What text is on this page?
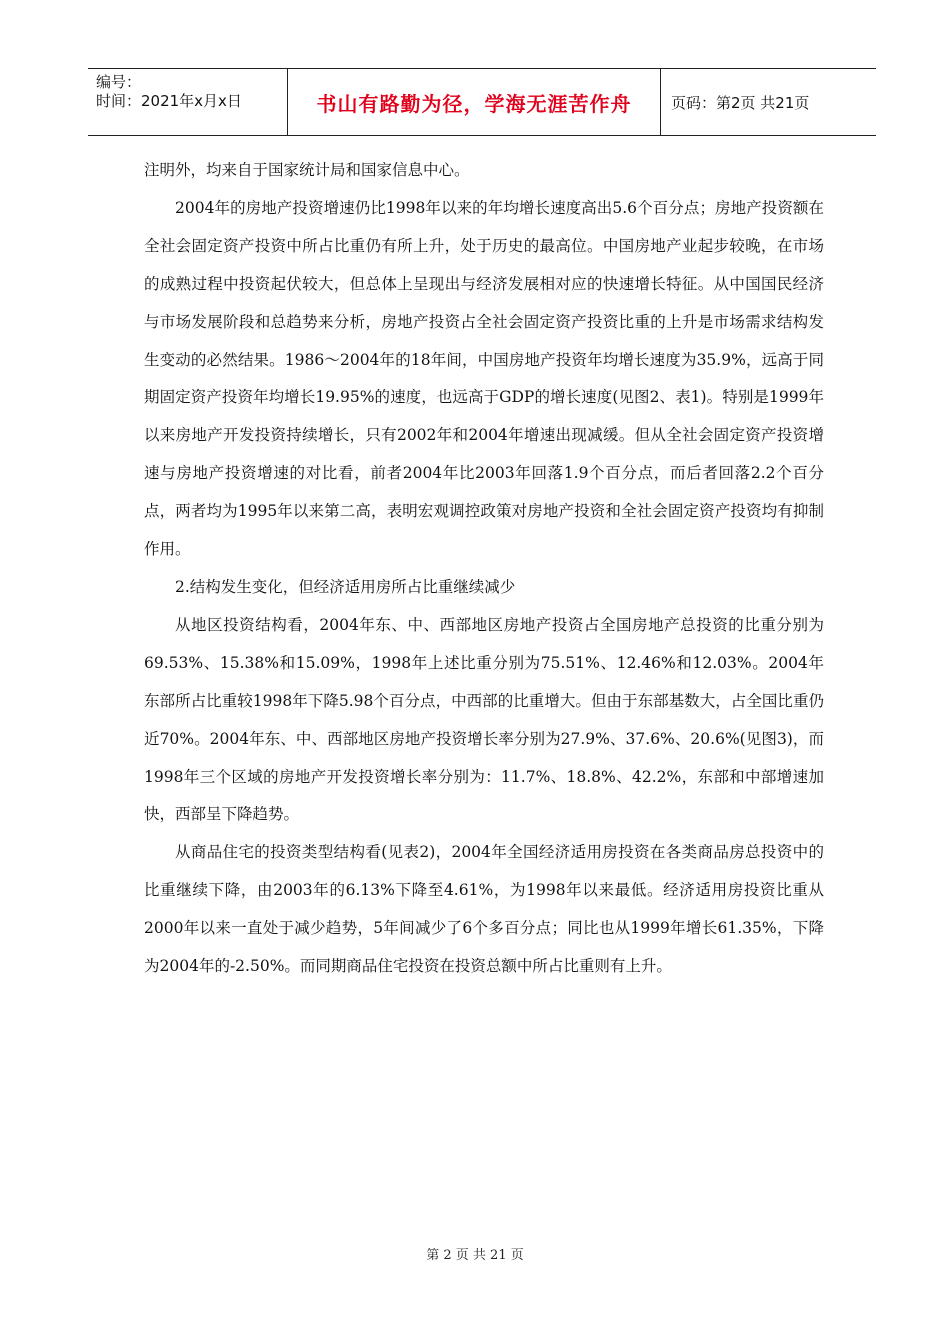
编号：
时间：2021年x月x日	书山有路勤为径，学海无涯苦作舟	页码：第2页 共21页

注明外，均来自于国家统计局和国家信息中心。

2004年的房地产投资增速仍比1998年以来的年均增长速度高出5.6个百分点；房地产投资额在全社会固定资产投资中所占比重仍有所上升，处于历史的最高位。中国房地产业起步较晚，在市场的成熟过程中投资起伏较大，但总体上呈现出与经济发展相对应的快速增长特征。从中国国民经济与市场发展阶段和总趋势来分析，房地产投资占全社会固定资产投资比重的上升是市场需求结构发生变动的必然结果。1986～2004年的18年间，中国房地产投资年均增长速度为35.9%，远高于同期固定资产投资年均增长19.95%的速度，也远高于GDP的增长速度(见图2、表1)。特别是1999年以来房地产开发投资持续增长，只有2002年和2004年增速出现减缓。但从全社会固定资产投资增速与房地产投资增速的对比看，前者2004年比2003年回落1.9个百分点，而后者回落2.2个百分点，两者均为1995年以来第二高，表明宏观调控政策对房地产投资和全社会固定资产投资均有抑制作用。

2.结构发生变化，但经济适用房所占比重继续减少

从地区投资结构看，2004年东、中、西部地区房地产投资占全国房地产总投资的比重分别为69.53%、15.38%和15.09%，1998年上述比重分别为75.51%、12.46%和12.03%。2004年东部所占比重较1998年下降5.98个百分点，中西部的比重增大。但由于东部基数大，占全国比重仍近70%。2004年东、中、西部地区房地产投资增长率分别为27.9%、37.6%、20.6%(见图3)，而1998年三个区域的房地产开发投资增长率分别为：11.7%、18.8%、42.2%，东部和中部增速加快，西部呈下降趋势。

从商品住宅的投资类型结构看(见表2)，2004年全国经济适用房投资在各类商品房总投资中的比重继续下降，由2003年的6.13%下降至4.61%，为1998年以来最低。经济适用房投资比重从2000年以来一直处于减少趋势，5年间减少了6个多百分点；同比也从1999年增长61.35%，下降为2004年的-2.50%。而同期商品住宅投资在投资总额中所占比重则有上升。

第 2 页 共 21 页
